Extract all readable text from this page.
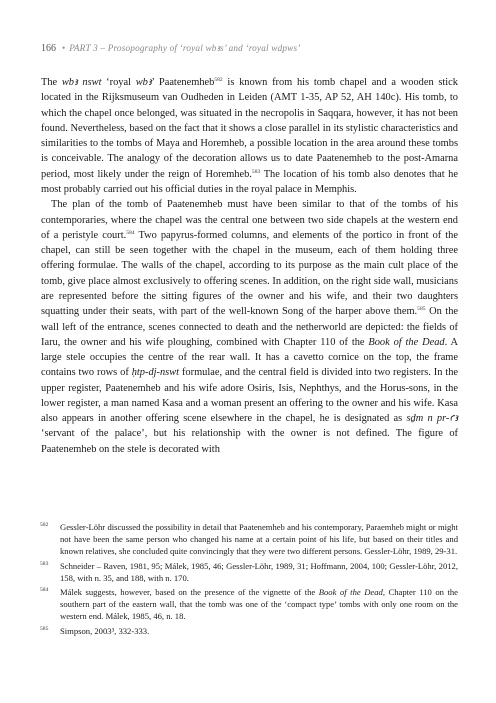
166 • PART 3 – Prosopography of ‘royal wbꜣs’ and ‘royal wdpws’

The wbꜣ nswt ‘royal wbꜣ’ Paatenemheb$^{582}$ is known from his tomb chapel and a wooden stick located in the Rijksmuseum van Oudheden in Leiden (AMT 1-35, AP 52, AH 140c). His tomb, to which the chapel once belonged, was situated in the necropolis in Saqqara, however, it has not been found. Nevertheless, based on the fact that it shows a close parallel in its stylistic characteristics and similarities to the tombs of Maya and Horemheb, a possible location in the area around these tombs is conceivable. The analogy of the decoration allows us to date Paatenemheb to the post-Amarna period, most likely under the reign of Horemheb.$^{583}$ The location of his tomb also denotes that he most probably carried out his official duties in the royal palace in Memphis.

The plan of the tomb of Paatenemheb must have been similar to that of the tombs of his contemporaries, where the chapel was the central one between two side chapels at the western end of a peristyle court.$^{584}$ Two papyrus-formed columns, and elements of the portico in front of the chapel, can still be seen together with the chapel in the museum, each of them holding three offering formulae. The walls of the chapel, according to its purpose as the main cult place of the tomb, give place almost exclusively to offering scenes. In addition, on the right side wall, musicians are represented before the sitting figures of the owner and his wife, and their two daughters squatting under their seats, with part of the well-known Song of the harper above them.$^{585}$ On the wall left of the entrance, scenes connected to death and the netherworld are depicted: the fields of Iaru, the owner and his wife ploughing, combined with Chapter 110 of the Book of the Dead. A large stele occupies the centre of the rear wall. It has a cavetto cornice on the top, the frame contains two rows of ḥtp-dj-nswt formulae, and the central field is divided into two registers. In the upper register, Paatenemheb and his wife adore Osiris, Isis, Nephthys, and the Horus-sons, in the lower register, a man named Kasa and a woman present an offering to the owner and his wife. Kasa also appears in another offering scene elsewhere in the chapel, he is designated as sḏm n pr-ꜥꜣ ‘servant of the palace’, but his relationship with the owner is not defined. The figure of Paatenemheb on the stele is decorated with

582 Gessler-Löhr discussed the possibility in detail that Paatenemheb and his contemporary, Paraemheb might or might not have been the same person who changed his name at a certain point of his life, but based on their titles and known relatives, she concluded quite convincingly that they were two different persons. Gessler-Löhr, 1989, 29-31.
583 Schneider – Raven, 1981, 95; Málek, 1985, 46; Gessler-Löhr, 1989, 31; Hoffmann, 2004, 100; Gessler-Löhr, 2012, 158, with n. 35, and 188, with n. 170.
584 Málek suggests, however, based on the presence of the vignette of the Book of the Dead, Chapter 110 on the southern part of the eastern wall, that the tomb was one of the ‘compact type’ tombs with only one room on the western end. Málek, 1985, 46, n. 18.
585 Simpson, 2003³, 332-333.
